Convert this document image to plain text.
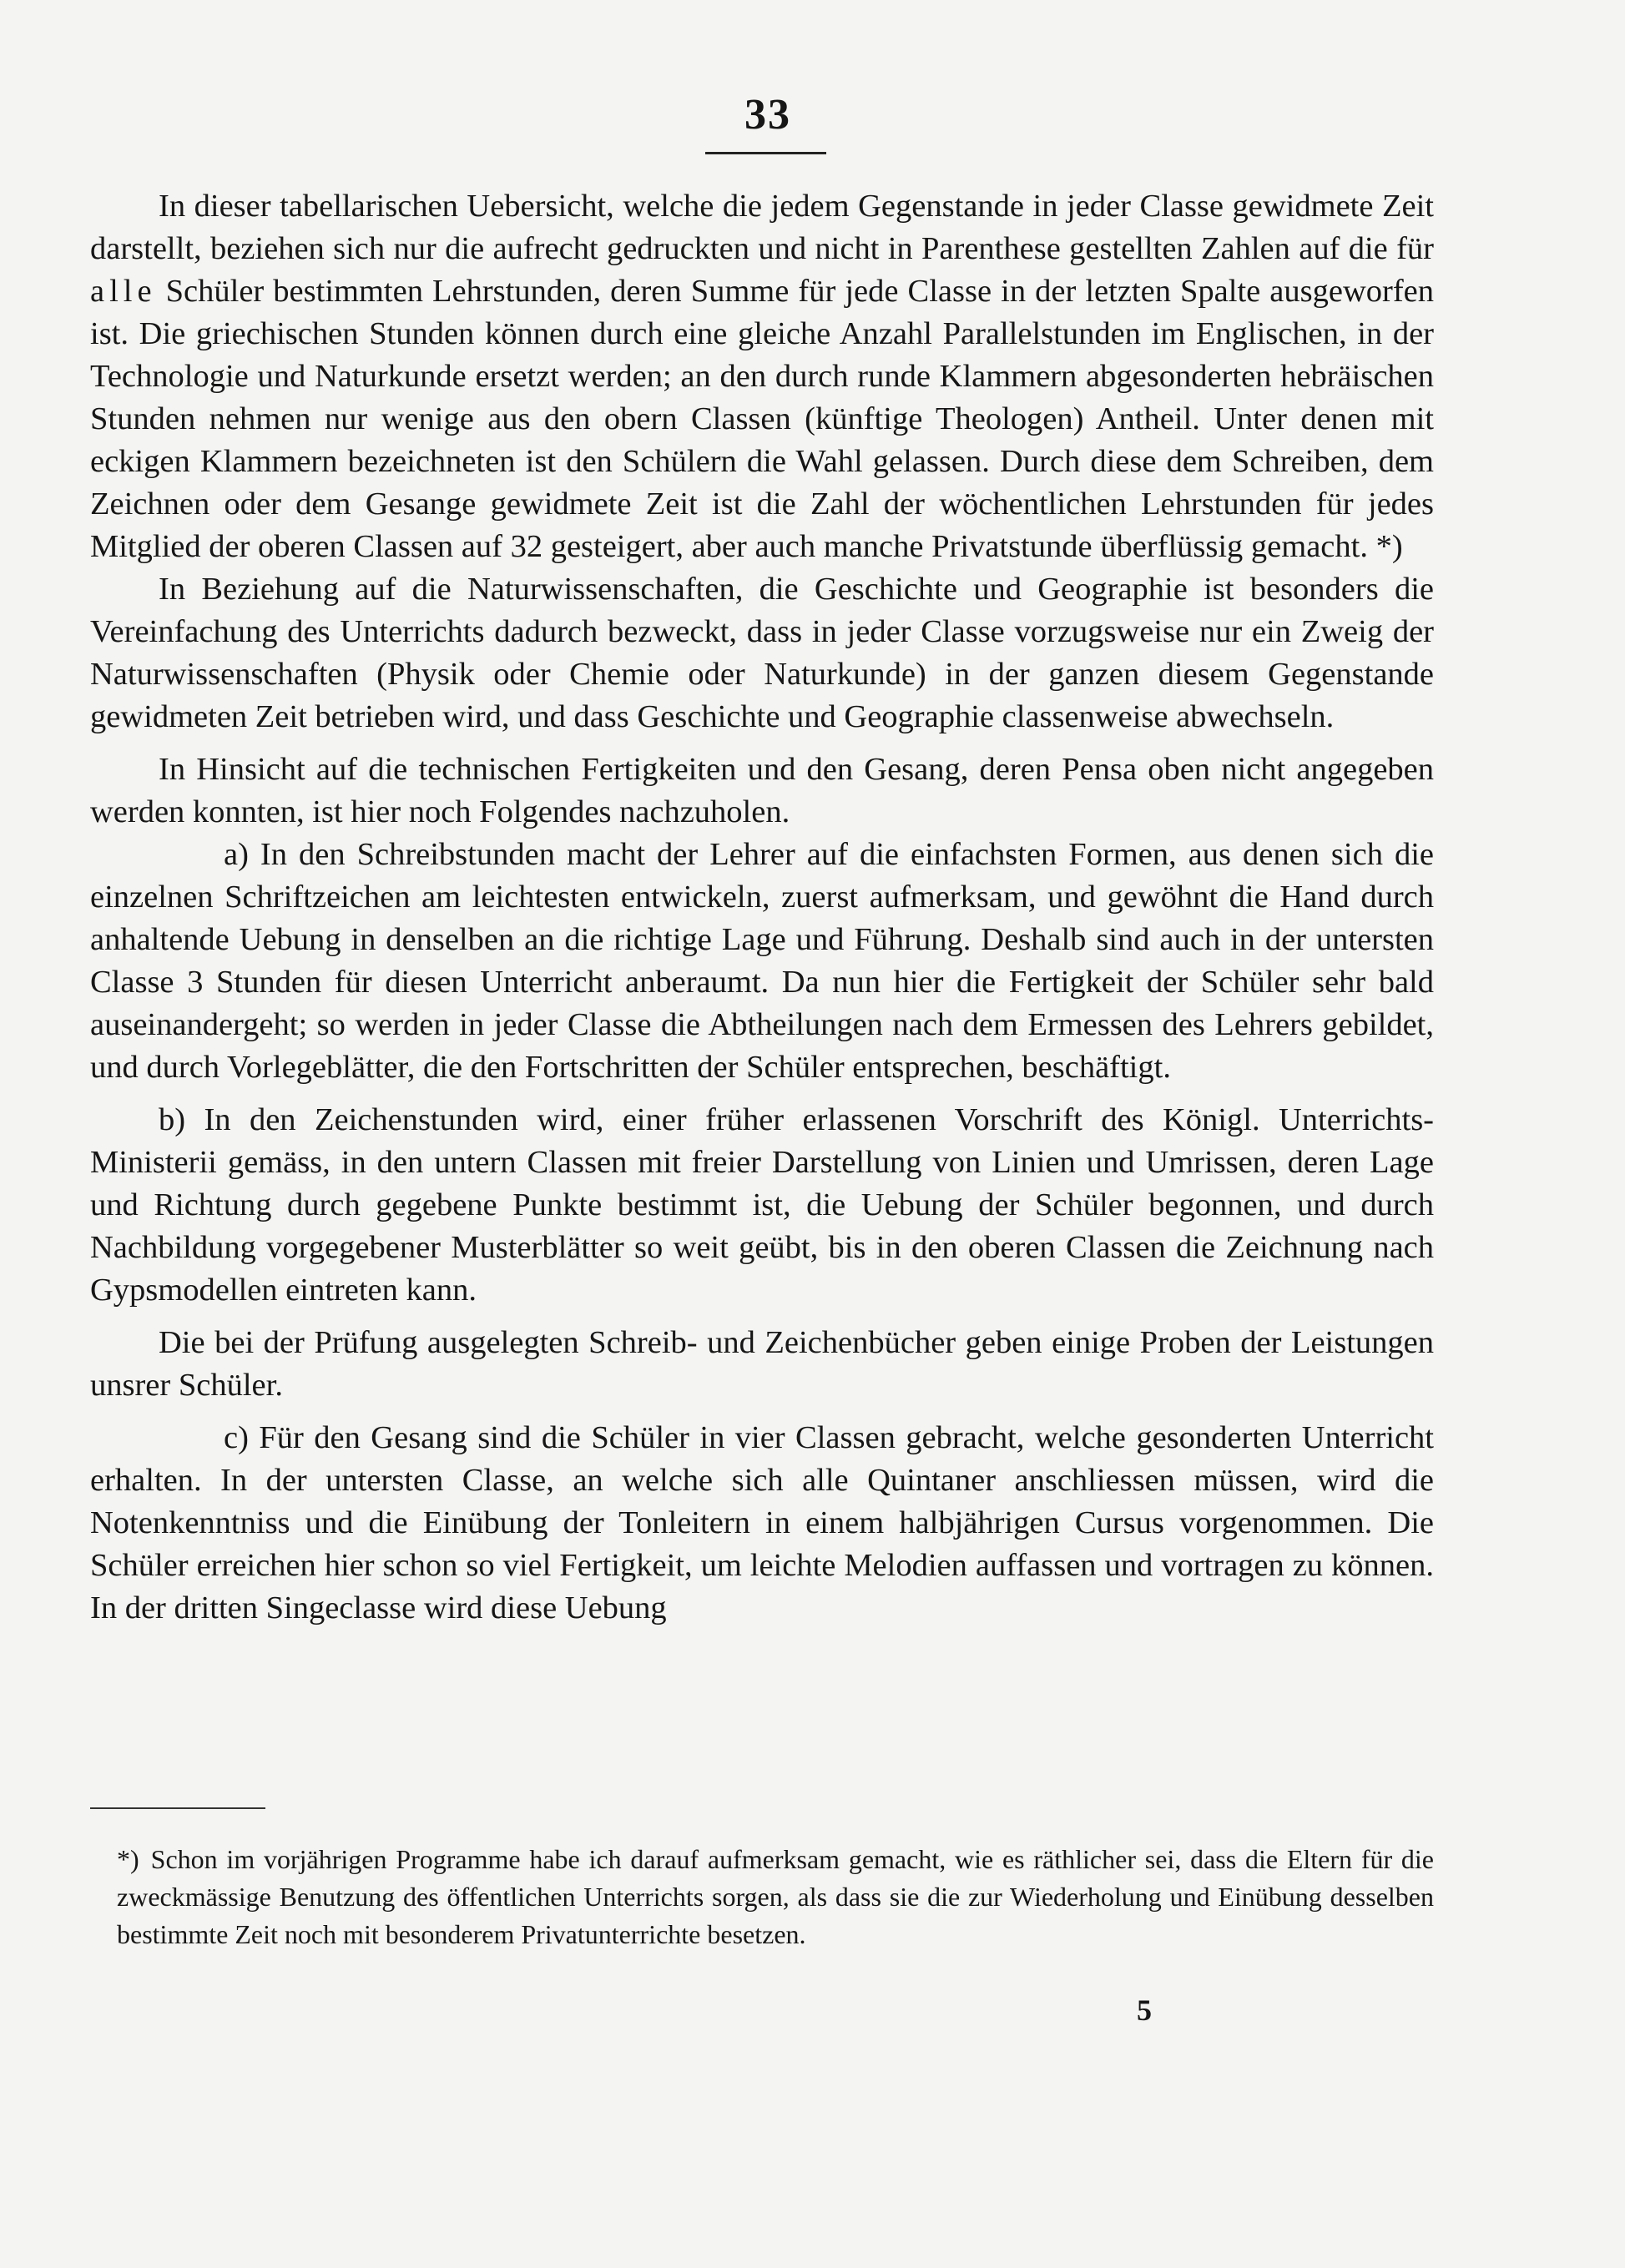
33

In dieser tabellarischen Uebersicht, welche die jedem Gegenstande in jeder Classe gewidmete Zeit darstellt, beziehen sich nur die aufrecht gedruckten und nicht in Parenthese gestellten Zahlen auf die für alle Schüler bestimmten Lehrstunden, deren Summe für jede Classe in der letzten Spalte ausgeworfen ist. Die griechischen Stunden können durch eine gleiche Anzahl Parallelstunden im Englischen, in der Technologie und Naturkunde ersetzt werden; an den durch runde Klammern abgesonderten hebräischen Stunden nehmen nur wenige aus den obern Classen (künftige Theologen) Antheil. Unter denen mit eckigen Klammern bezeichneten ist den Schülern die Wahl gelassen. Durch diese dem Schreiben, dem Zeichnen oder dem Gesange gewidmete Zeit ist die Zahl der wöchentlichen Lehrstunden für jedes Mitglied der oberen Classen auf 32 gesteigert, aber auch manche Privatstunde überflüssig gemacht. *)

In Beziehung auf die Naturwissenschaften, die Geschichte und Geographie ist besonders die Vereinfachung des Unterrichts dadurch bezweckt, dass in jeder Classe vorzugsweise nur ein Zweig der Naturwissenschaften (Physik oder Chemie oder Naturkunde) in der ganzen diesem Gegenstande gewidmeten Zeit betrieben wird, und dass Geschichte und Geographie classenweise abwechseln.

In Hinsicht auf die technischen Fertigkeiten und den Gesang, deren Pensa oben nicht angegeben werden konnten, ist hier noch Folgendes nachzuholen.

a) In den Schreibstunden macht der Lehrer auf die einfachsten Formen, aus denen sich die einzelnen Schriftzeichen am leichtesten entwickeln, zuerst aufmerksam, und gewöhnt die Hand durch anhaltende Uebung in denselben an die richtige Lage und Führung. Deshalb sind auch in der untersten Classe 3 Stunden für diesen Unterricht anberaumt. Da nun hier die Fertigkeit der Schüler sehr bald auseinandergeht; so werden in jeder Classe die Abtheilungen nach dem Ermessen des Lehrers gebildet, und durch Vorlegeblätter, die den Fortschritten der Schüler entsprechen, beschäftigt.

b) In den Zeichenstunden wird, einer früher erlassenen Vorschrift des Königl. Unterrichts-Ministerii gemäss, in den untern Classen mit freier Darstellung von Linien und Umrissen, deren Lage und Richtung durch gegebene Punkte bestimmt ist, die Uebung der Schüler begonnen, und durch Nachbildung vorgegebener Musterblätter so weit geübt, bis in den oberen Classen die Zeichnung nach Gypsmodellen eintreten kann.

Die bei der Prüfung ausgelegten Schreib- und Zeichenbücher geben einige Proben der Leistungen unsrer Schüler.

c) Für den Gesang sind die Schüler in vier Classen gebracht, welche gesonderten Unterricht erhalten. In der untersten Classe, an welche sich alle Quintaner anschliessen müssen, wird die Notenkenntniss und die Einübung der Tonleitern in einem halbjährigen Cursus vorgenommen. Die Schüler erreichen hier schon so viel Fertigkeit, um leichte Melodien auffassen und vortragen zu können. In der dritten Singeclasse wird diese Uebung

*) Schon im vorjährigen Programme habe ich darauf aufmerksam gemacht, wie es räthlicher sei, dass die Eltern für die zweckmässige Benutzung des öffentlichen Unterrichts sorgen, als dass sie die zur Wiederholung und Einübung desselben bestimmte Zeit noch mit besonderem Privatunterrichte besetzen.
5
